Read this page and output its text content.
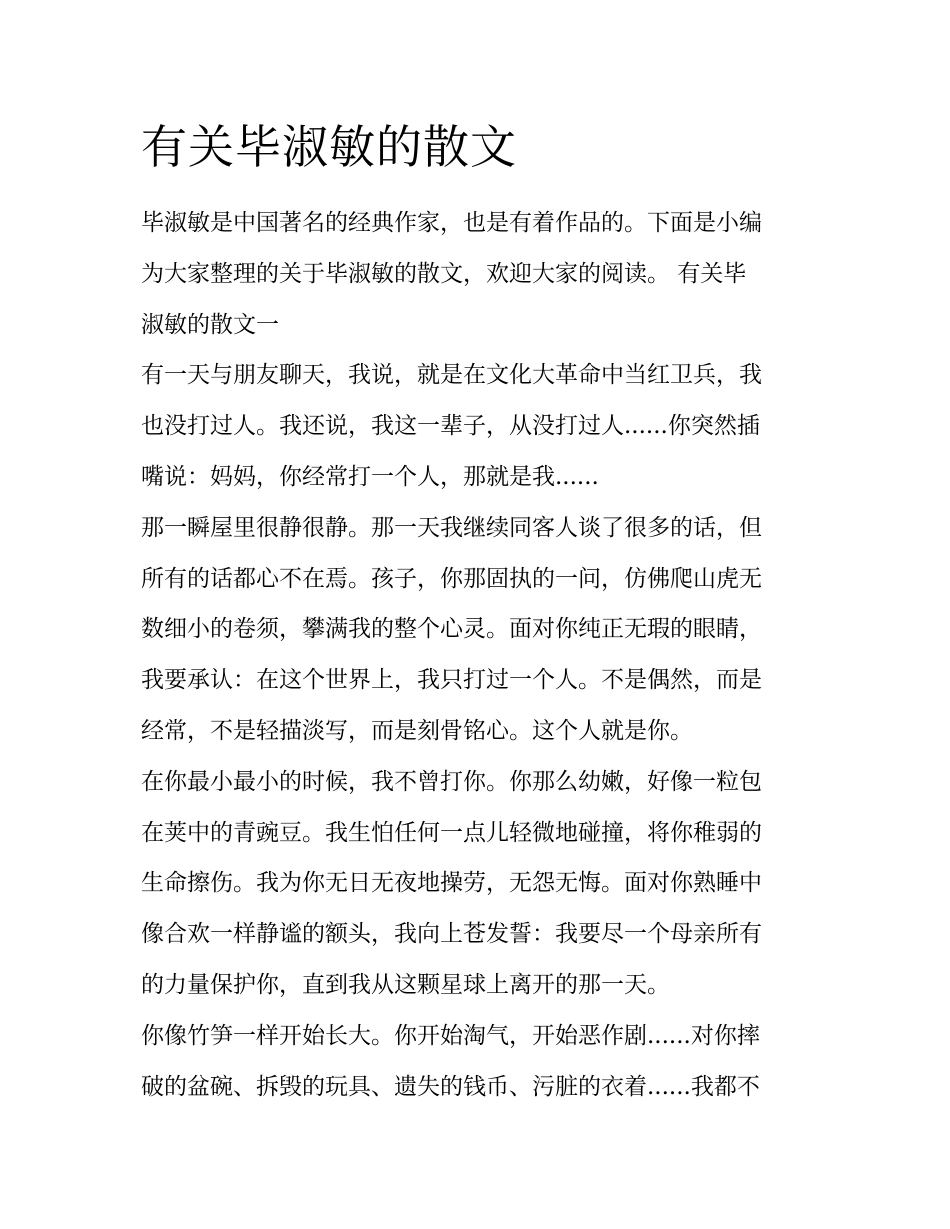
有关毕淑敏的散文

毕淑敏是中国著名的经典作家，也是有着作品的。下面是小编
为大家整理的关于毕淑敏的散文，欢迎大家的阅读。 有关毕
淑敏的散文一

有一天与朋友聊天，我说，就是在文化大革命中当红卫兵，我
也没打过人。我还说，我这一辈子，从没打过人......你突然插
嘴说：妈妈，你经常打一个人，那就是我......

那一瞬屋里很静很静。那一天我继续同客人谈了很多的话，但
所有的话都心不在焉。孩子，你那固执的一问，仿佛爬山虎无
数细小的卷须，攀满我的整个心灵。面对你纯正无瑕的眼睛，
我要承认：在这个世界上，我只打过一个人。不是偶然，而是
经常，不是轻描淡写，而是刻骨铭心。这个人就是你。

在你最小最小的时候，我不曾打你。你那么幼嫩，好像一粒包
在荚中的青豌豆。我生怕任何一点儿轻微地碰撞，将你稚弱的
生命擦伤。我为你无日无夜地操劳，无怨无悔。面对你熟睡中
像合欢一样静谧的额头，我向上苍发誓：我要尽一个母亲所有
的力量保护你，直到我从这颗星球上离开的那一天。

你像竹笋一样开始长大。你开始淘气，开始恶作剧......对你摔
破的盆碗、拆毁的玩具、遗失的钱币、污脏的衣着......我都不
